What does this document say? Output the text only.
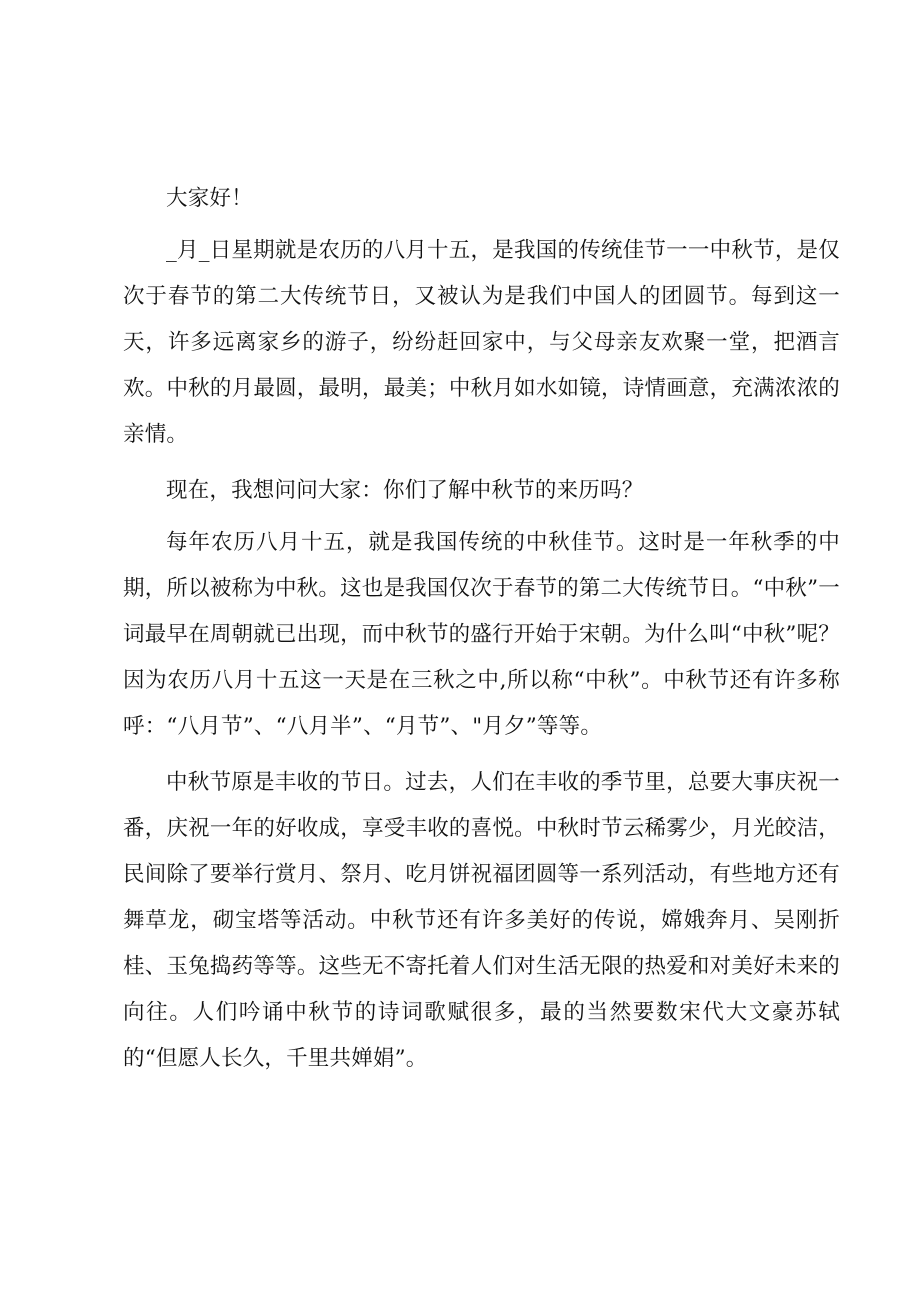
大家好！

_月_日星期就是农历的八月十五，是我国的传统佳节一一中秋节，是仅次于春节的第二大传统节日，又被认为是我们中国人的团圆节。每到这一天，许多远离家乡的游子，纷纷赶回家中，与父母亲友欢聚一堂，把酒言欢。中秋的月最圆，最明，最美；中秋月如水如镜，诗情画意，充满浓浓的亲情。

现在，我想问问大家：你们了解中秋节的来历吗？

每年农历八月十五，就是我国传统的中秋佳节。这时是一年秋季的中期，所以被称为中秋。这也是我国仅次于春节的第二大传统节日。“中秋”一词最早在周朝就已出现，而中秋节的盛行开始于宋朝。为什么叫“中秋”呢？因为农历八月十五这一天是在三秋之中,所以称“中秋”。中秋节还有许多称呼：“八月节”、“八月半”、“月节”、"月夕”等等。

中秋节原是丰收的节日。过去，人们在丰收的季节里，总要大事庆祝一番，庆祝一年的好收成，享受丰收的喜悦。中秋时节云稀雾少，月光皎洁，民间除了要举行赏月、祭月、吃月饼祝福团圆等一系列活动，有些地方还有舞草龙，砌宝塔等活动。中秋节还有许多美好的传说，嫦娥奔月、吴刚折桂、玉兔捣药等等。这些无不寄托着人们对生活无限的热爱和对美好未来的向往。人们吟诵中秋节的诗词歌赋很多，最的当然要数宋代大文豪苏轼的“但愿人长久，千里共婵娟”。
